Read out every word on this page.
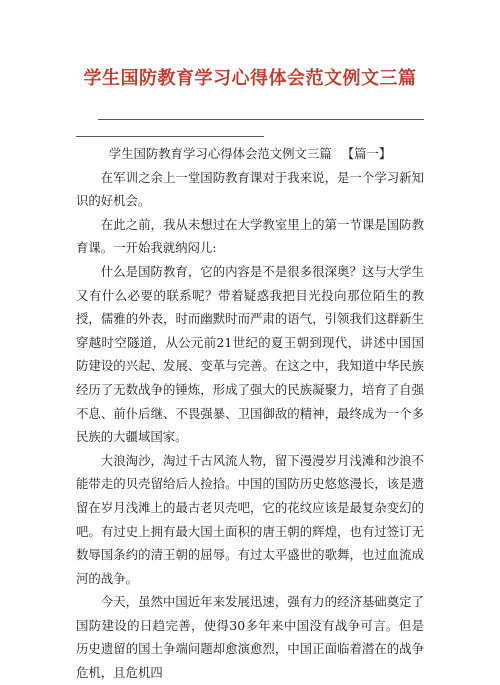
学生国防教育学习心得体会范文例文三篇

学生国防教育学习心得体会范文例文三篇 【篇一】

在军训之余上一堂国防教育课对于我来说，是一个学习新知识的好机会。

在此之前，我从未想过在大学教室里上的第一节课是国防教育课。一开始我就纳闷儿:

什么是国防教育，它的内容是不是很多很深奥？这与大学生又有什么必要的联系呢？带着疑惑我把目光投向那位陌生的教授，儒雅的外表，时而幽默时而严肃的语气，引领我们这群新生穿越时空隧道，从公元前21世纪的夏王朝到现代，讲述中国国防建设的兴起、发展、变革与完善。在这之中，我知道中华民族经历了无数战争的锤炼，形成了强大的民族凝聚力，培育了自强不息、前仆后继、不畏强暴、卫国御敌的精神，最终成为一个多民族的大疆域国家。

大浪淘沙，淘过千古风流人物，留下漫漫岁月浅滩和沙浪不能带走的贝壳留给后人捡拾。中国的国防历史悠悠漫长，该是遗留在岁月浅滩上的最古老贝壳吧，它的花纹应该是最复杂变幻的吧。有过史上拥有最大国土面积的唐王朝的辉煌，也有过签订无数辱国条约的清王朝的屈辱。有过太平盛世的歌舞，也过血流成河的战争。

今天，虽然中国近年来发展迅速，强有力的经济基础奠定了国防建设的日趋完善，使得30多年来中国没有战争可言。但是历史遗留的国土争端问题却愈演愈烈，中国正面临着潜在的战争危机，且危机四
